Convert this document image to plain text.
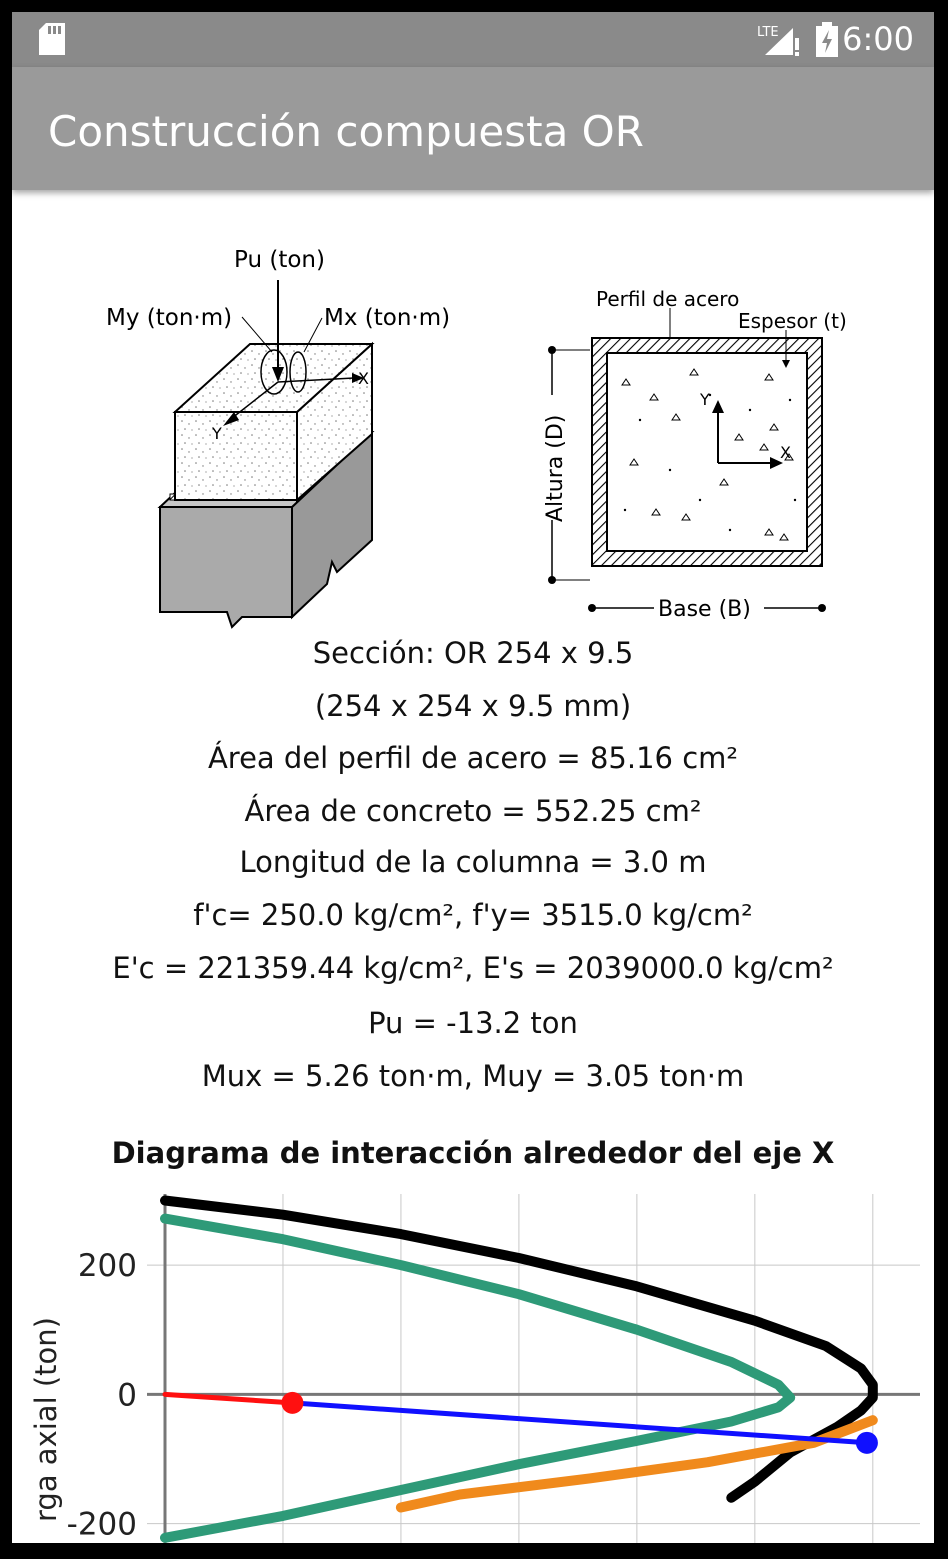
LTE 6:00
Construcción compuesta OR
Pu (ton)
My (ton·m)	Mx (ton·m)
X
Y
Y
X
Base (B)
Altura (D)
Perfil de acero
Espesor (t)
Sección: OR 254 x 9.5
(254 x 254 x 9.5 mm)
Área del perfil de acero = 85.16 cm²
Área de concreto = 552.25 cm²
Longitud de la columna = 3.0 m
f'c= 250.0 kg/cm², f'y= 3515.0 kg/cm²
E'c = 221359.44 kg/cm², E's = 2039000.0 kg/cm²
Pu = -13.2 ton
Mux = 5.26 ton·m, Muy = 3.05 ton·m
Diagrama de interacción alrededor del eje X
200
0
-200
rga axial (ton)
